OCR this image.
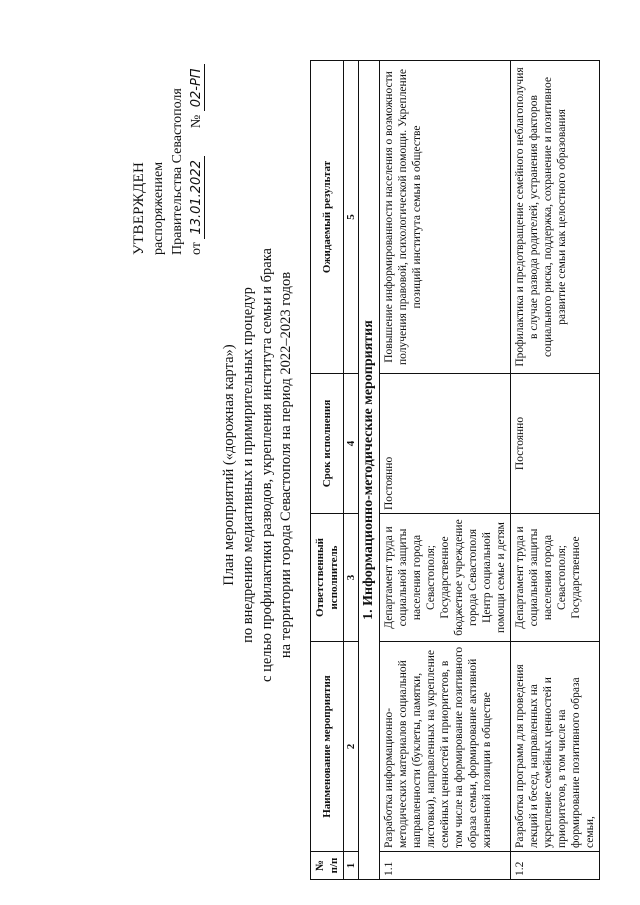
УТВЕРЖДЕН распоряжением Правительства Севастополя от 13.01.2022        № 02-РП
План мероприятий («дорожная карта») по внедрению медиативных и примирительных процедур с целью профилактики разводов, укрепления института семьи и брака на территории города Севастополя на период 2022–2023 годов
№ п/п	Наименование мероприятия	Ответственный исполнитель	Срок исполнения	Ожидаемый результат
1	2	3	4	5
1. Информационно-методические мероприятия				
1.1	Разработка информационно-методических материалов социальной направленности (буклеты, памятки, листовки), направленных на укрепление семейных ценностей и приоритетов, в том числе на формирование позитивного образа семьи, формирование активной жизненной позиции в обществе	Департамент труда и социальной защиты населения города Севастополя; Государственное бюджетное учреждение города Севастополя Центр социальной помощи семье и детям	Постоянно	Повышение информированности населения о возможности получения правовой, психологической помощи. Укрепление позиций института семьи в обществе
1.2	Разработка программ для проведения лекций и бесед, направленных на укрепление семейных ценностей и приоритетов, в том числе на формирование позитивного образа семьи,	Департамент труда и социальной защиты населения города Севастополя; Государственное	Постоянно	Профилактика и предотвращение семейного неблагополучия в случае развода родителей, устранения факторов социального риска, поддержка, сохранение и позитивное развитие семьи как целостного образования
